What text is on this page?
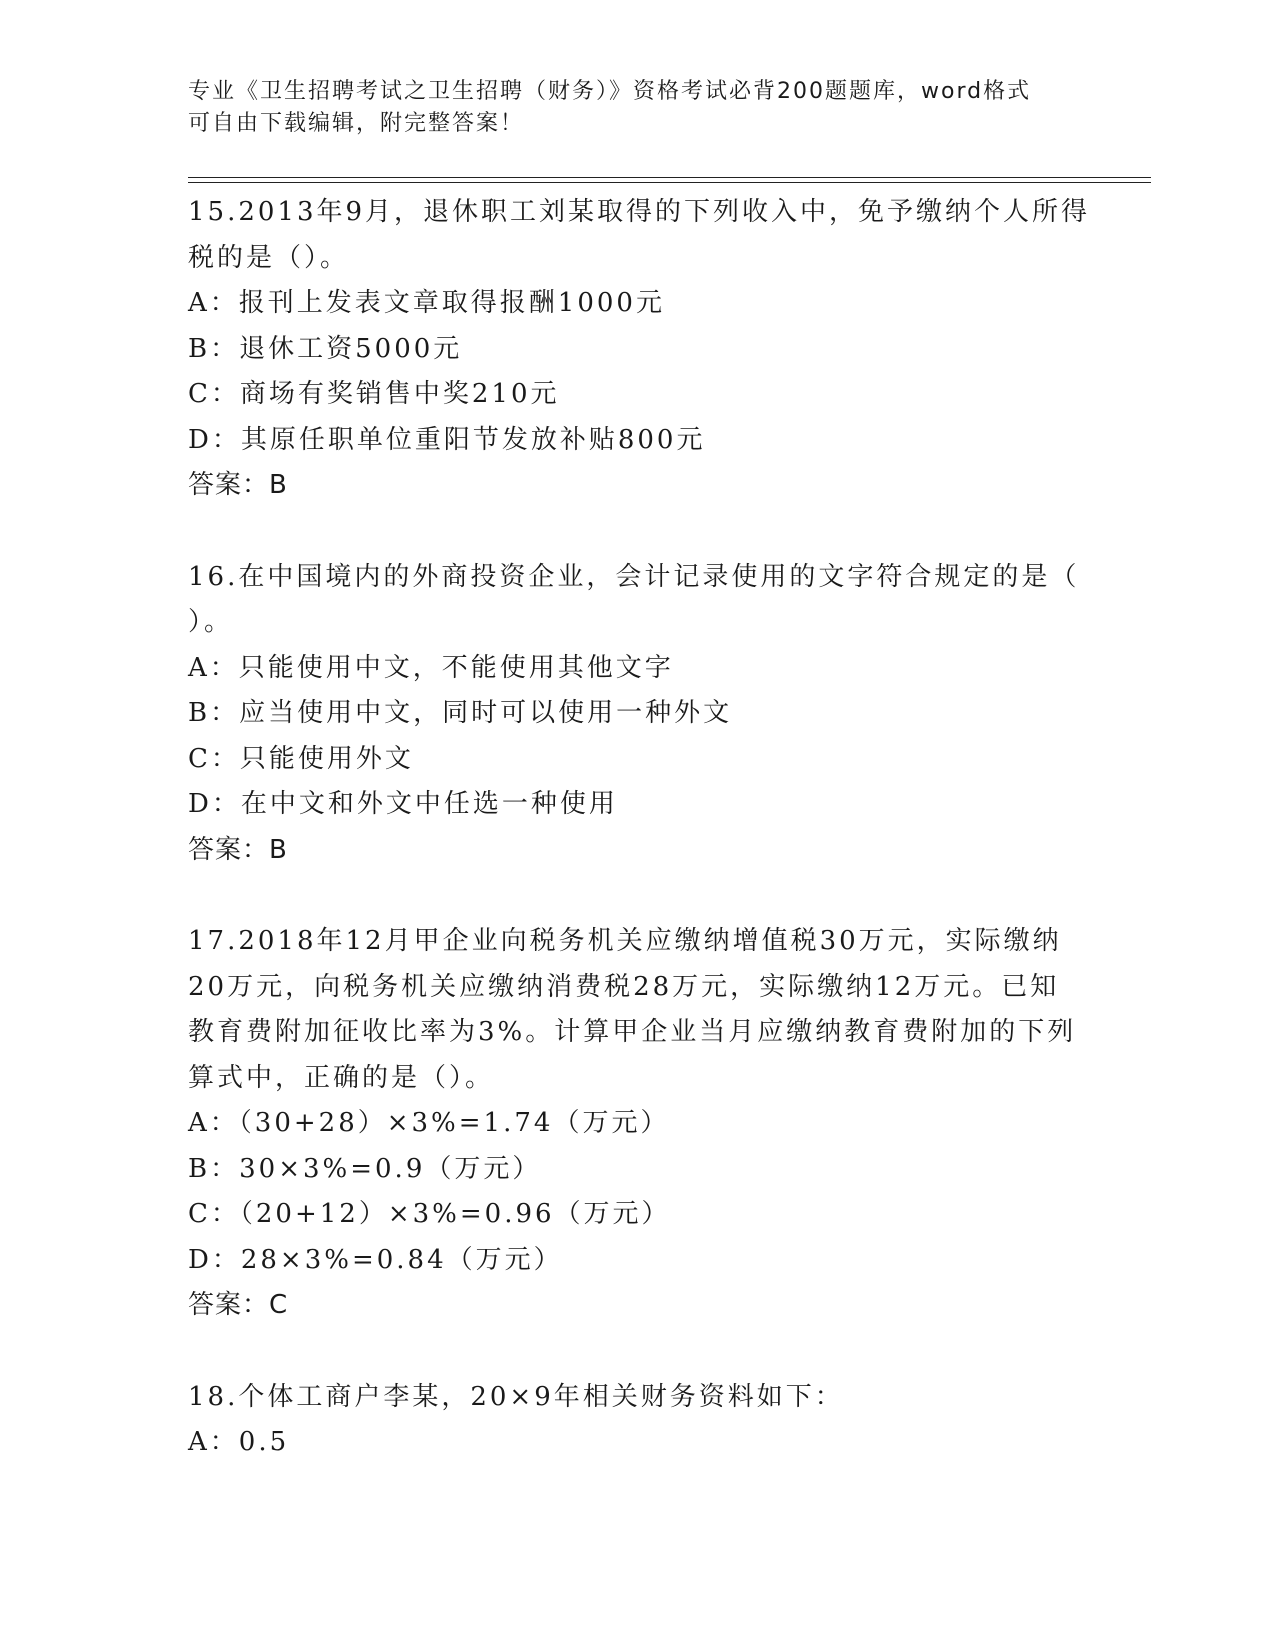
专业《卫生招聘考试之卫生招聘（财务）》资格考试必背200题题库，word格式
可自由下载编辑，附完整答案！
15.2013年9月，退休职工刘某取得的下列收入中，免予缴纳个人所得
税的是（）。
A：报刊上发表文章取得报酬1000元
B：退休工资5000元
C：商场有奖销售中奖210元
D：其原任职单位重阳节发放补贴800元
答案：B
16.在中国境内的外商投资企业，会计记录使用的文字符合规定的是（
）。
A：只能使用中文，不能使用其他文字
B：应当使用中文，同时可以使用一种外文
C：只能使用外文
D：在中文和外文中任选一种使用
答案：B
17.2018年12月甲企业向税务机关应缴纳增值税30万元，实际缴纳
20万元，向税务机关应缴纳消费税28万元，实际缴纳12万元。已知
教育费附加征收比率为3%。计算甲企业当月应缴纳教育费附加的下列
算式中，正确的是（）。
A：（30+28）×3%=1.74（万元）
B：30×3%=0.9（万元）
C：（20+12）×3%=0.96（万元）
D：28×3%=0.84（万元）
答案：C
18.个体工商户李某，20×9年相关财务资料如下：
A：0.5
